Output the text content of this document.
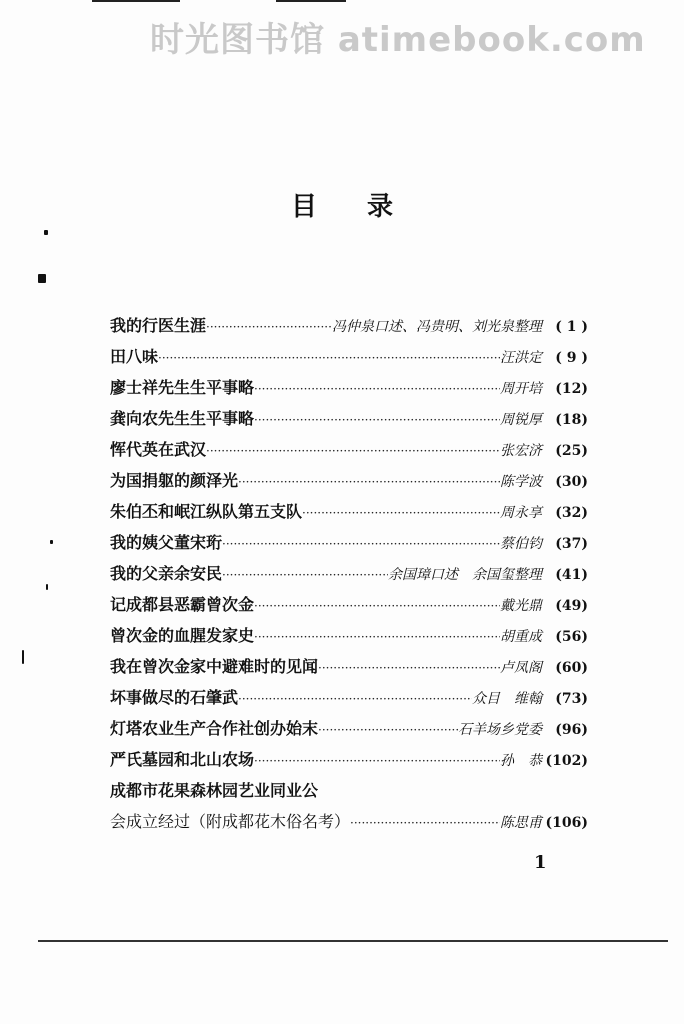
时光图书馆 atimebook.com
目录
我的行医生涯 ·····	冯仲泉口述、冯贵明、刘光泉整理 ( 1 )
田八味 ·····	汪洪定 ( 9 )
廖士祥先生生平事略 ·····	周开培 (12)
龚向农先生生平事略 ·····	周锐厚 (18)
恽代英在武汉 ·····	张宏济 (25)
为国捐躯的颜泽光 ·····	陈学波 (30)
朱伯丕和岷江纵队第五支队 ·····	周永享 (32)
我的姨父董宋珩 ·····	蔡伯钧 (37)
我的父亲余安民 ·····	余国璋口述　余国玺整理 (41)
记成都县恶霸曾次金 ·····	戴光鼎 (49)
曾次金的血腥发家史 ·····	胡重成 (56)
我在曾次金家中避难时的见闻 ·····	卢凤阁 (60)
坏事做尽的石肇武 ·····	众目　维翰 (73)
灯塔农业生产合作社创办始末 ·····	石羊场乡党委 (96)
严氏墓园和北山农场 ·····	孙　恭 (102)
成都市花果森林园艺业同业公
会成立经过（附成都花木俗名考） ·····	陈思甫 (106)
1
